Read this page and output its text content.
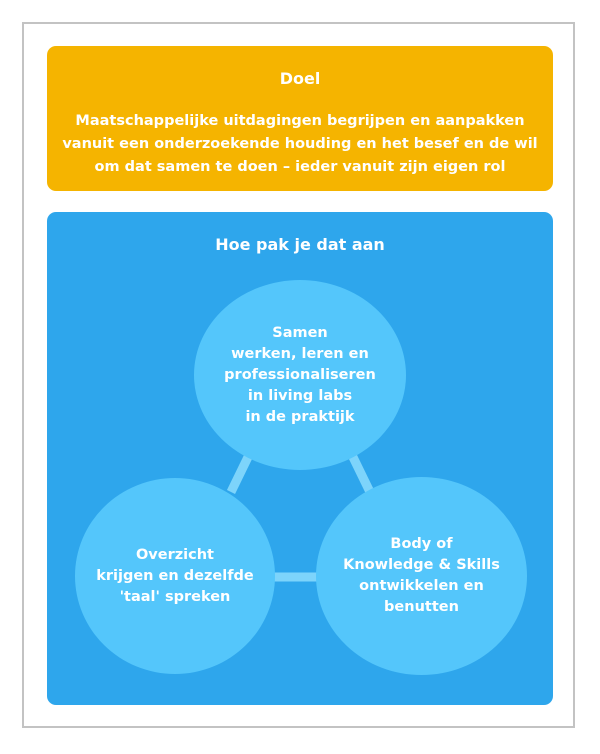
Doel
Maatschappelijke uitdagingen begrijpen en aanpakken vanuit een onderzoekende houding en het besef en de wil om dat samen te doen – ieder vanuit zijn eigen rol
Hoe pak je dat aan
Samen
werken, leren en
professionaliseren
in living labs
in de praktijk
Overzicht
krijgen en dezelfde
'taal' spreken
Body of
Knowledge & Skills
ontwikkelen en
benutten
